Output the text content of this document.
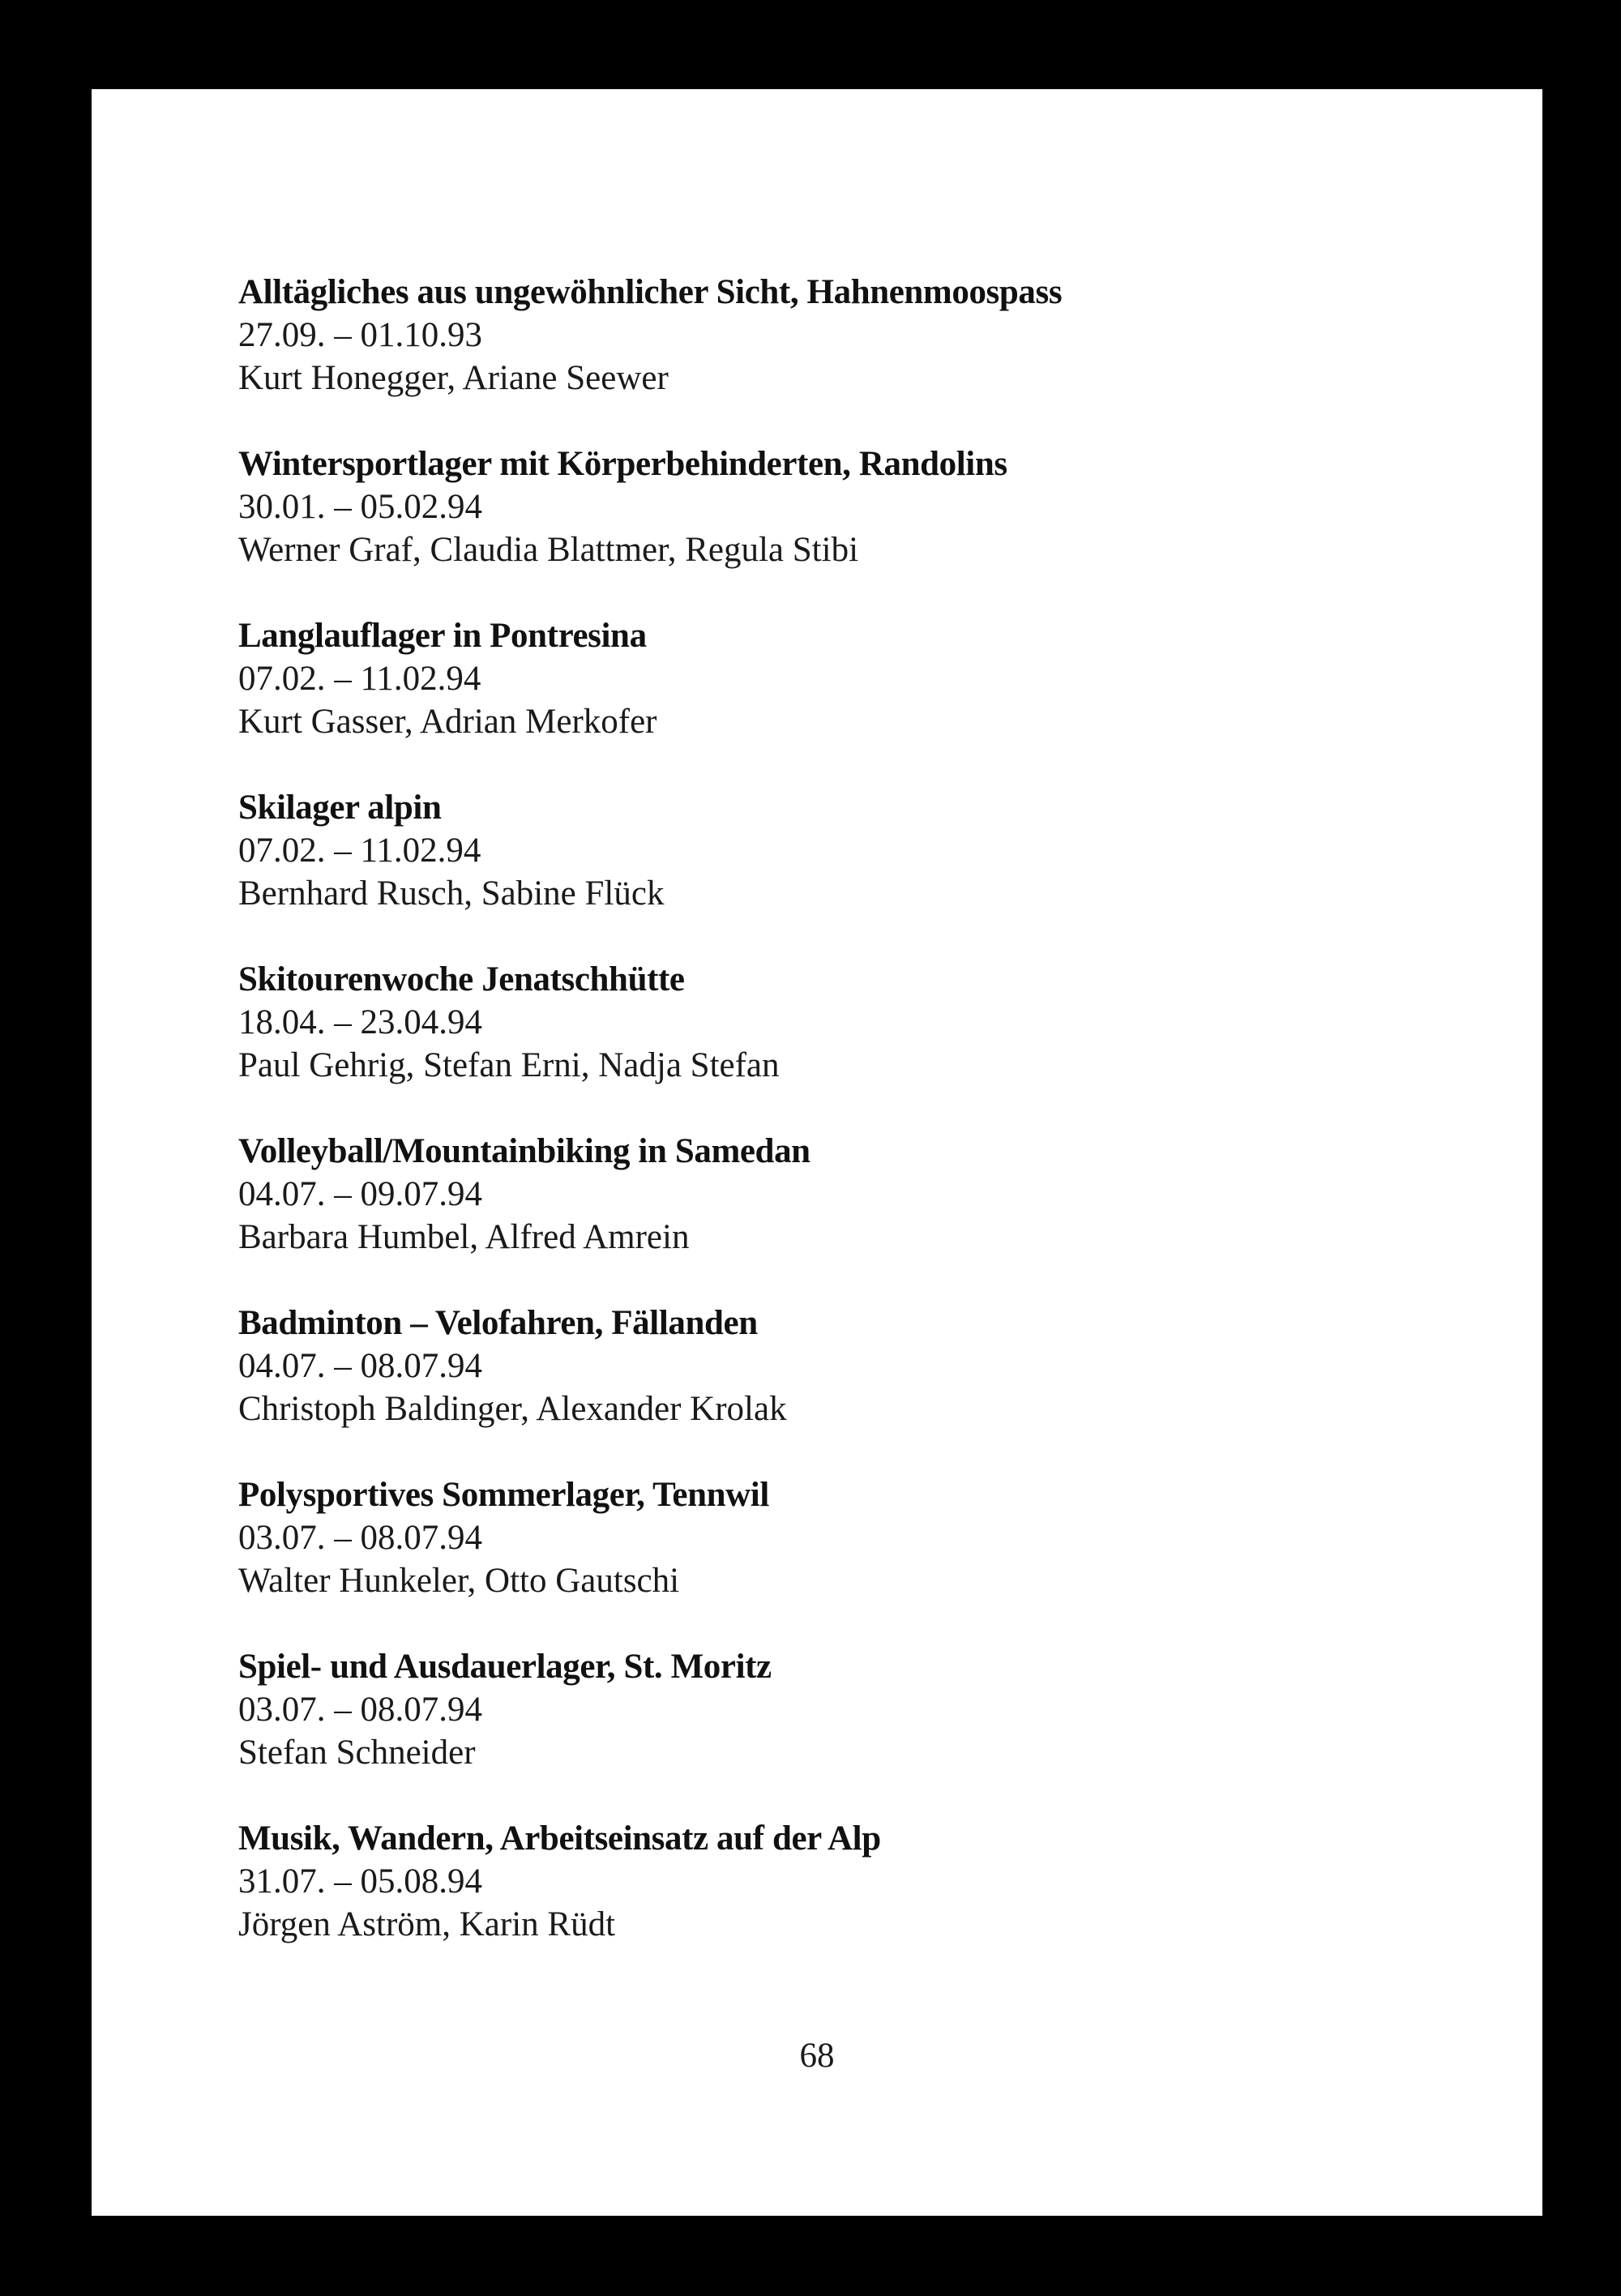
Alltägliches aus ungewöhnlicher Sicht, Hahnenmoospass
27.09. – 01.10.93
Kurt Honegger, Ariane Seewer
Wintersportlager mit Körperbehinderten, Randolins
30.01. – 05.02.94
Werner Graf, Claudia Blattmer, Regula Stibi
Langlauflager in Pontresina
07.02. – 11.02.94
Kurt Gasser, Adrian Merkofer
Skilager alpin
07.02. – 11.02.94
Bernhard Rusch, Sabine Flück
Skitourenwoche Jenatschhütte
18.04. – 23.04.94
Paul Gehrig, Stefan Erni, Nadja Stefan
Volleyball/Mountainbiking in Samedan
04.07. – 09.07.94
Barbara Humbel, Alfred Amrein
Badminton – Velofahren, Fällanden
04.07. – 08.07.94
Christoph Baldinger, Alexander Krolak
Polysportives Sommerlager, Tennwil
03.07. – 08.07.94
Walter Hunkeler, Otto Gautschi
Spiel- und Ausdauerlager, St. Moritz
03.07. – 08.07.94
Stefan Schneider
Musik, Wandern, Arbeitseinsatz auf der Alp
31.07. – 05.08.94
Jörgen Aström, Karin Rüdt
68
